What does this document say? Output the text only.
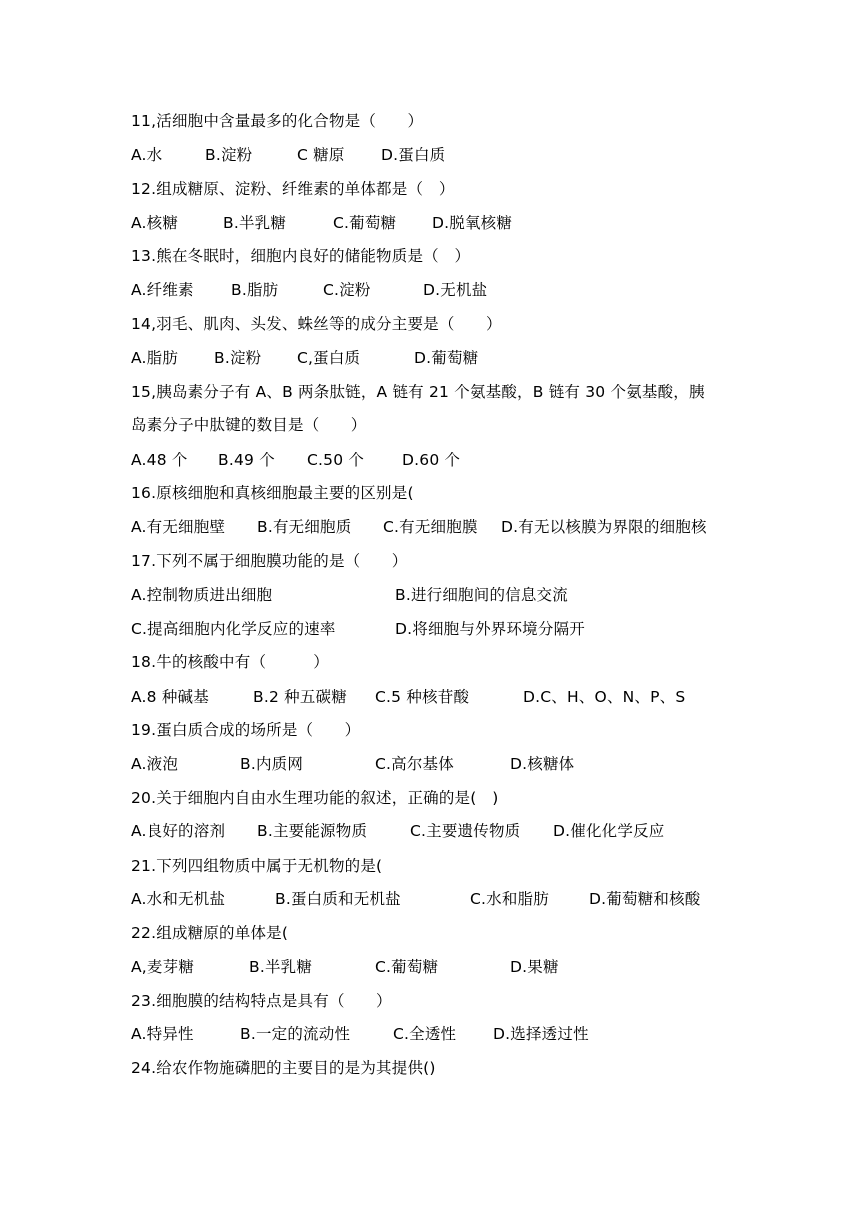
11,活细胞中含量最多的化合物是（　　）

A.水

	B.淀粉

	C 糖原

D.蛋白质

12.组成糖原、淀粉、纤维素的单体都是（　）

A.核糖

	B.半乳糖

	C.葡萄糖

D.脱氧核糖

13.熊在冬眠时，细胞内良好的储能物质是（　）

A.纤维素

B.脂肪

	C.淀粉

	D.无机盐

14,羽毛、肌肉、头发、蛛丝等的成分主要是（　　）

A.脂肪

B.淀粉

C,蛋白质

	D.葡萄糖

15,胰岛素分子有 A、B 两条肽链，A 链有 21 个氨基酸，B 链有 30 个氨基酸，胰
岛素分子中肽键的数目是（　　）

A.48 个

B.49 个

C.50 个

D.60 个

16.原核细胞和真核细胞最主要的区别是(

A.有无细胞壁

B.有无细胞质

C.有无细胞膜

D.有无以核膜为界限的细胞核

17.下列不属于细胞膜功能的是（　　）

A.控制物质进出细胞

	B.进行细胞间的信息交流

C.提高细胞内化学反应的速率

	D.将细胞与外界环境分隔开

18.牛的核酸中有（　　　）

A.8 种碱基

	B.2 种五碳糖

C.5 种核苷酸

	D.C、H、O、N、P、S

19.蛋白质合成的场所是（　　）

A.液泡

	B.内质网

	C.高尔基体

	D.核糖体

20.关于细胞内自由水生理功能的叙述，正确的是(　)

A.良好的溶剂

B.主要能源物质

	C.主要遗传物质

D.催化化学反应

21.下列四组物质中属于无机物的是(

A.水和无机盐

	B.蛋白质和无机盐

	C.水和脂肪

	D.葡萄糖和核酸

22.组成糖原的单体是(

A,麦芽糖

	B.半乳糖

	C.葡萄糖

	D.果糖

23.细胞膜的结构特点是具有（　　）

A.特异性

	B.一定的流动性

	C.全透性

D.选择透过性

24.给农作物施磷肥的主要目的是为其提供()
